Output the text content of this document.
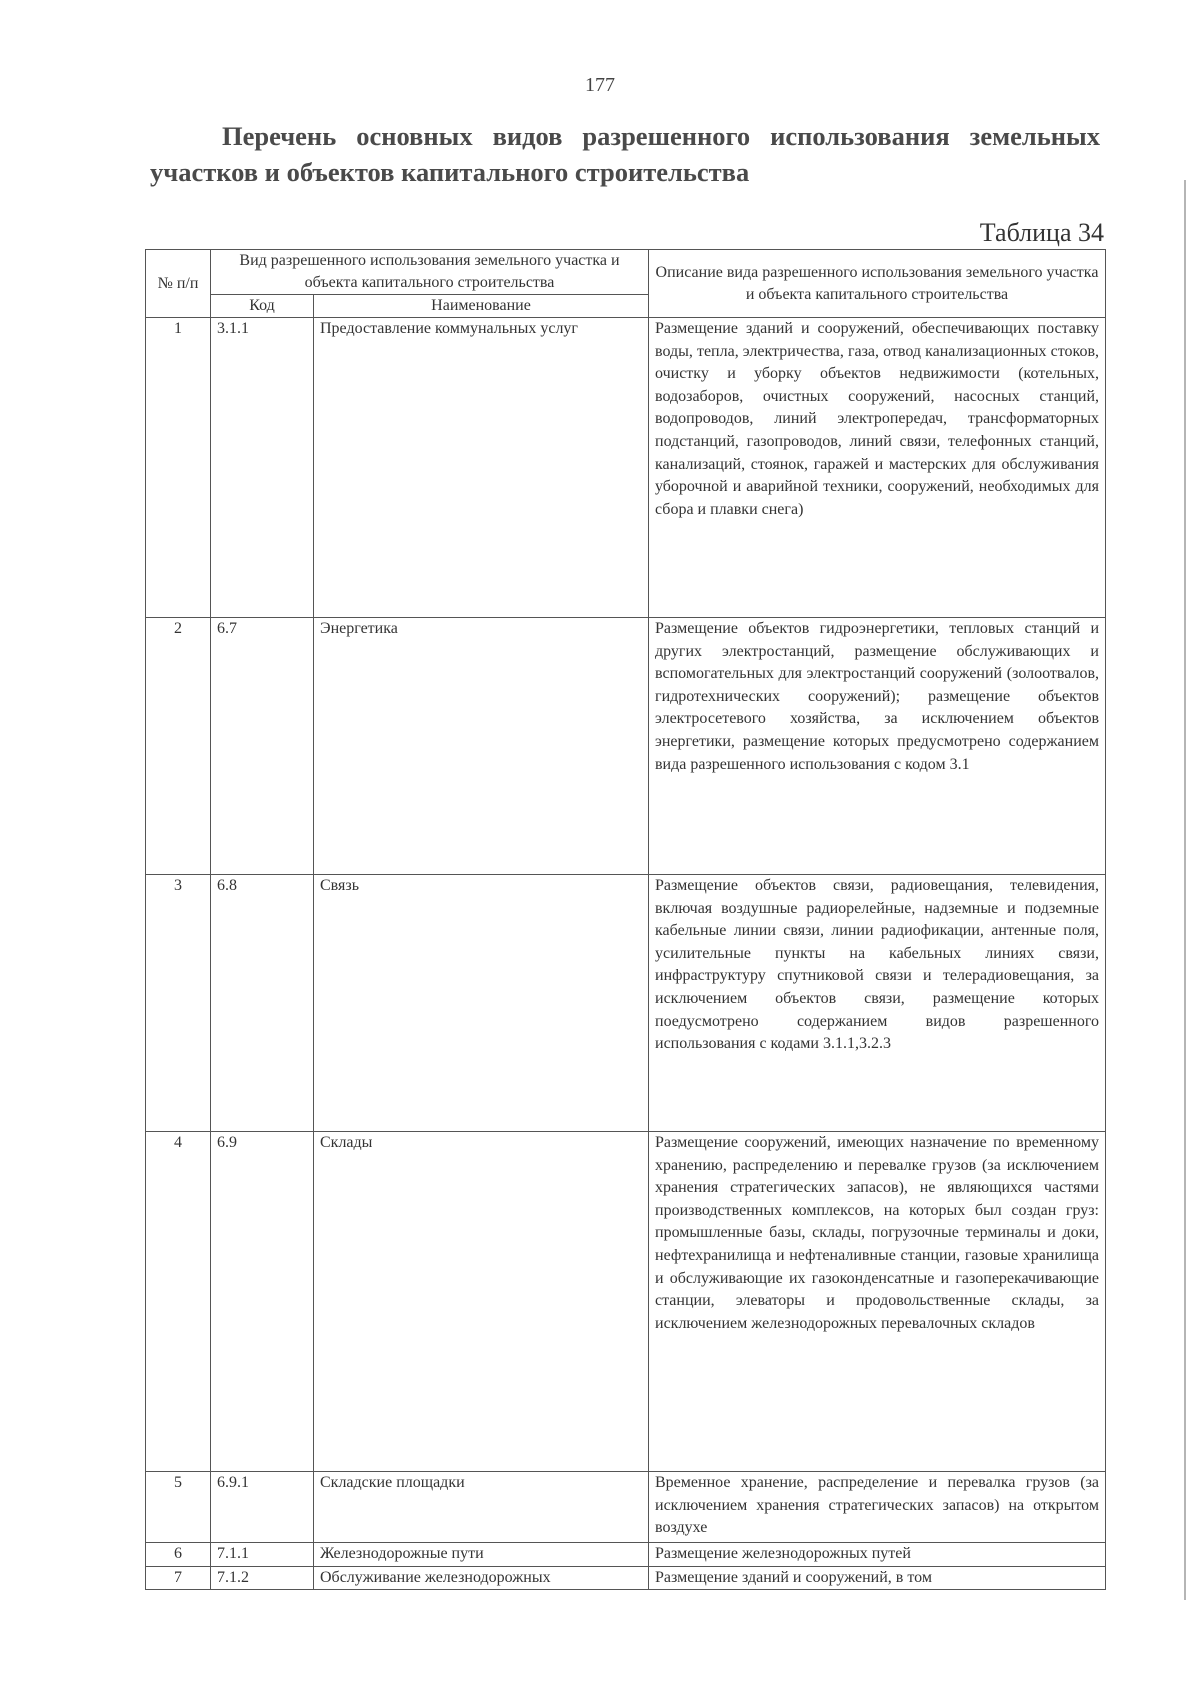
177
Перечень основных видов разрешенного использования земельных участков и объектов капитального строительства
Таблица 34
№ п/п	Вид разрешенного использования земельного участка и объекта капитального строительства		Описание вида разрешенного использования земельного участка и объекта капитального строительства
	Код	Наименование	
1	3.1.1	Предоставление коммунальных услуг	Размещение зданий и сооружений, обеспечивающих поставку воды, тепла, электричества, газа, отвод канализационных стоков, очистку и уборку объектов недвижимости (котельных, водозаборов, очистных сооружений, насосных станций, водопроводов, линий электропередач, трансформаторных подстанций, газопроводов, линий связи, телефонных станций, канализаций, стоянок, гаражей и мастерских для обслуживания уборочной и аварийной техники, сооружений, необходимых для сбора и плавки снега)
2	6.7	Энергетика	Размещение объектов гидроэнергетики, тепловых станций и других электростанций, размещение обслуживающих и вспомогательных для электростанций сооружений (золоотвалов, гидротехнических сооружений); размещение объектов электросетевого хозяйства, за исключением объектов энергетики, размещение которых предусмотрено содержанием вида разрешенного использования с кодом 3.1
3	6.8	Связь	Размещение объектов связи, радиовещания, телевидения, включая воздушные радиорелейные, надземные и подземные кабельные линии связи, линии радиофикации, антенные поля, усилительные пункты на кабельных линиях связи, инфраструктуру спутниковой связи и телерадиовещания, за исключением объектов связи, размещение которых поедусмотрено содержанием видов разрешенного использования с кодами 3.1.1,3.2.3
4	6.9	Склады	Размещение сооружений, имеющих назначение по временному хранению, распределению и перевалке грузов (за исключением хранения стратегических запасов), не являющихся частями производственных комплексов, на которых был создан груз: промышленные базы, склады, погрузочные терминалы и доки, нефтехранилища и нефтеналивные станции, газовые хранилища и обслуживающие их газоконденсатные и газоперекачивающие станции, элеваторы и продовольственные склады, за исключением железнодорожных перевалочных складов
5	6.9.1	Складские площадки	Временное хранение, распределение и перевалка грузов (за исключением хранения стратегических запасов) на открытом воздухе
6	7.1.1	Железнодорожные пути	Размещение железнодорожных путей
7	7.1.2	Обслуживание железнодорожных	Размещение зданий и сооружений, в том
